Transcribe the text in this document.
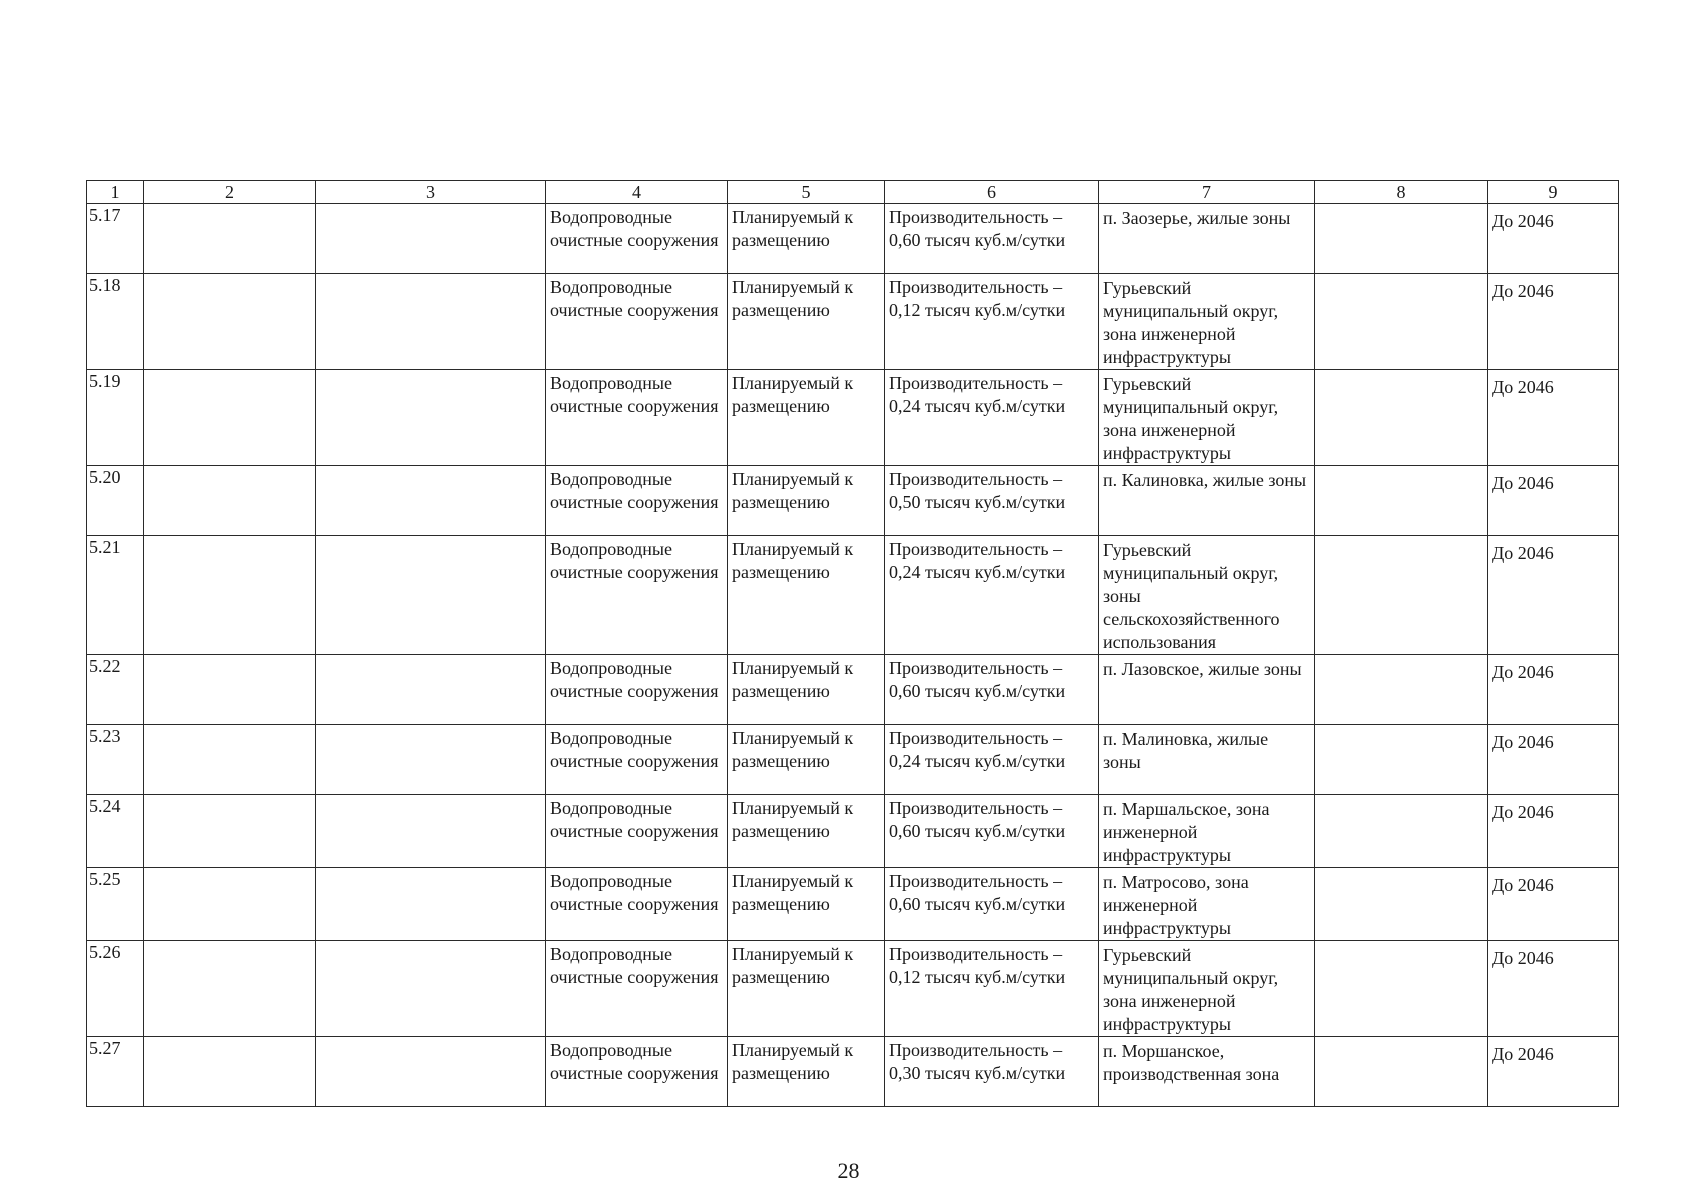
1	2	3	4	5	6	7	8	9
5.17			Водопроводные очистные сооружения	Планируемый к размещению	Производительность – 0,60 тысяч куб.м/сутки	п. Заозерье, жилые зоны		До 2046
5.18			Водопроводные очистные сооружения	Планируемый к размещению	Производительность – 0,12 тысяч куб.м/сутки	Гурьевский муниципальный округ, зона инженерной инфраструктуры		До 2046
5.19			Водопроводные очистные сооружения	Планируемый к размещению	Производительность – 0,24 тысяч куб.м/сутки	Гурьевский муниципальный округ, зона инженерной инфраструктуры		До 2046
5.20			Водопроводные очистные сооружения	Планируемый к размещению	Производительность – 0,50 тысяч куб.м/сутки	п. Калиновка, жилые зоны		До 2046
5.21			Водопроводные очистные сооружения	Планируемый к размещению	Производительность – 0,24 тысяч куб.м/сутки	Гурьевский муниципальный округ, зоны сельскохозяйственного использования		До 2046
5.22			Водопроводные очистные сооружения	Планируемый к размещению	Производительность – 0,60 тысяч куб.м/сутки	п. Лазовское, жилые зоны		До 2046
5.23			Водопроводные очистные сооружения	Планируемый к размещению	Производительность – 0,24 тысяч куб.м/сутки	п. Малиновка, жилые зоны		До 2046
5.24			Водопроводные очистные сооружения	Планируемый к размещению	Производительность – 0,60 тысяч куб.м/сутки	п. Маршальское, зона инженерной инфраструктуры		До 2046
5.25			Водопроводные очистные сооружения	Планируемый к размещению	Производительность – 0,60 тысяч куб.м/сутки	п. Матросово, зона инженерной инфраструктуры		До 2046
5.26			Водопроводные очистные сооружения	Планируемый к размещению	Производительность – 0,12 тысяч куб.м/сутки	Гурьевский муниципальный округ, зона инженерной инфраструктуры		До 2046
5.27			Водопроводные очистные сооружения	Планируемый к размещению	Производительность – 0,30 тысяч куб.м/сутки	п. Моршанское, производственная зона		До 2046
28
